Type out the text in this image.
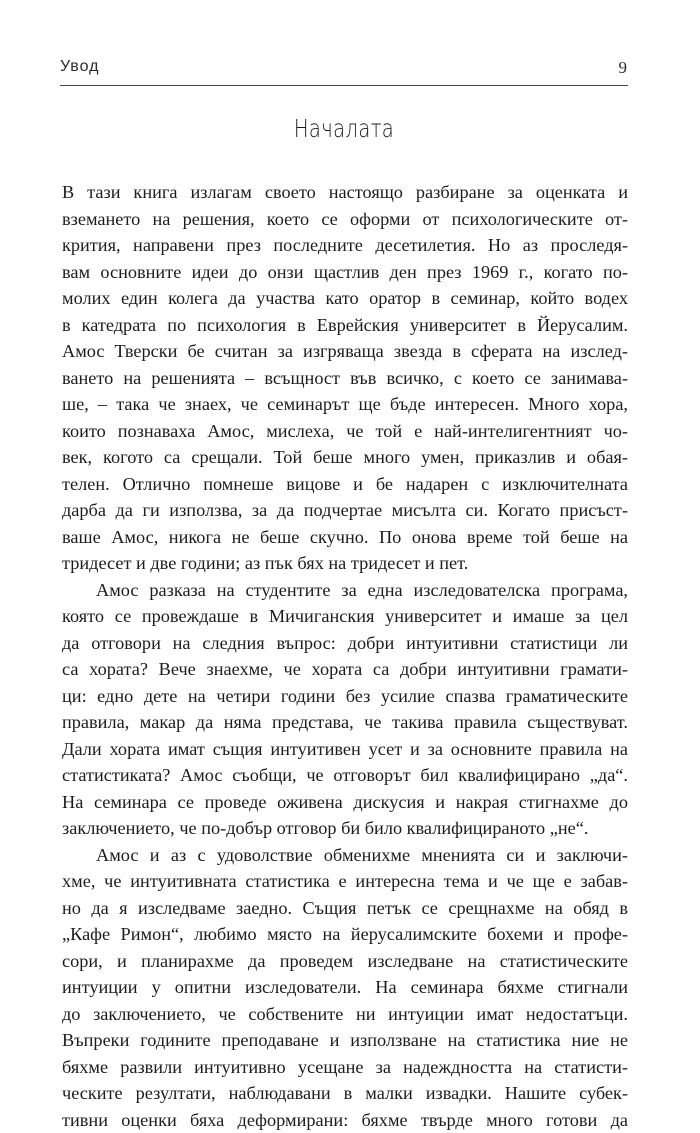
Увод	9
Началата
В тази книга излагам своето настоящо разбиране за оценката и
вземането на решения, което се оформи от психологическите от-
крития, направени през последните десетилетия. Но аз проследя-
вам основните идеи до онзи щастлив ден през 1969 г., когато по-
молих един колега да участва като оратор в семинар, който водех
в катедрата по психология в Еврейския университет в Йерусалим.
Амос Тверски бе считан за изгряваща звезда в сферата на изслед-
ването на решенията – всъщност във всичко, с което се занимава-
ше, – така че знаех, че семинарът ще бъде интересен. Много хора,
които познаваха Амос, мислеха, че той е най-интелигентният чо-
век, когото са срещали. Той беше много умен, приказлив и обая-
телен. Отлично помнеше вицове и бе надарен с изключителната
дарба да ги използва, за да подчертае мисълта си. Когато присъст-
ваше Амос, никога не беше скучно. По онова време той беше на
тридесет и две години; аз пък бях на тридесет и пет.
Амос разказа на студентите за една изследователска програма,
която се провеждаше в Мичиганския университет и имаше за цел
да отговори на следния въпрос: добри интуитивни статистици ли
са хората? Вече знаехме, че хората са добри интуитивни грамати-
ци: едно дете на четири години без усилие спазва граматическите
правила, макар да няма представа, че такива правила съществуват.
Дали хората имат същия интуитивен усет и за основните правила на
статистиката? Амос съобщи, че отговорът бил квалифицирано „да“.
На семинара се проведе оживена дискусия и накрая стигнахме до
заключението, че по-добър отговор би било квалифицираното „не“.
Амос и аз с удоволствие обменихме мненията си и заключи-
хме, че интуитивната статистика е интересна тема и че ще е забав-
но да я изследваме заедно. Същия петък се срещнахме на обяд в
„Кафе Римон“, любимо място на йерусалимските бохеми и профе-
сори, и планирахме да проведем изследване на статистическите
интуиции у опитни изследователи. На семинара бяхме стигнали
до заключението, че собствените ни интуиции имат недостатъци.
Въпреки годините преподаване и използване на статистика ние не
бяхме развили интуитивно усещане за надеждността на статисти-
ческите резултати, наблюдавани в малки извадки. Нашите субек-
тивни оценки бяха деформирани: бяхме твърде много готови да
